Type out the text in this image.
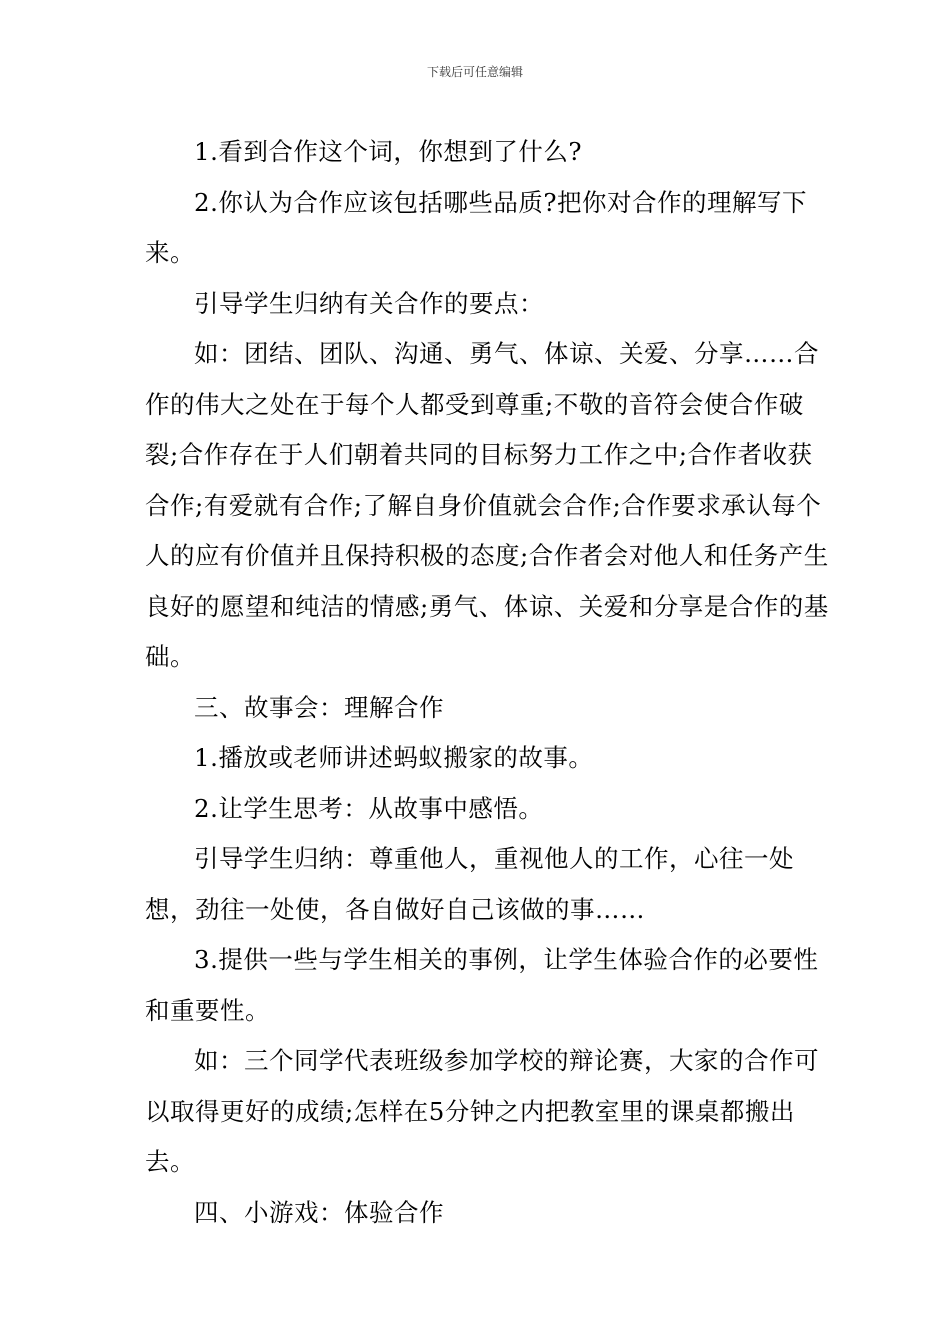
下载后可任意编辑

1.看到合作这个词，你想到了什么?

2.你认为合作应该包括哪些品质?把你对合作的理解写下来。

引导学生归纳有关合作的要点：

如：团结、团队、沟通、勇气、体谅、关爱、分享……合作的伟大之处在于每个人都受到尊重;不敬的音符会使合作破裂;合作存在于人们朝着共同的目标努力工作之中;合作者收获合作;有爱就有合作;了解自身价值就会合作;合作要求承认每个人的应有价值并且保持积极的态度;合作者会对他人和任务产生良好的愿望和纯洁的情感;勇气、体谅、关爱和分享是合作的基础。

三、故事会：理解合作

1.播放或老师讲述蚂蚁搬家的故事。

2.让学生思考：从故事中感悟。

引导学生归纳：尊重他人，重视他人的工作，心往一处想，劲往一处使，各自做好自己该做的事……

3.提供一些与学生相关的事例，让学生体验合作的必要性和重要性。

如：三个同学代表班级参加学校的辩论赛，大家的合作可以取得更好的成绩;怎样在5分钟之内把教室里的课桌都搬出去。

四、小游戏：体验合作
